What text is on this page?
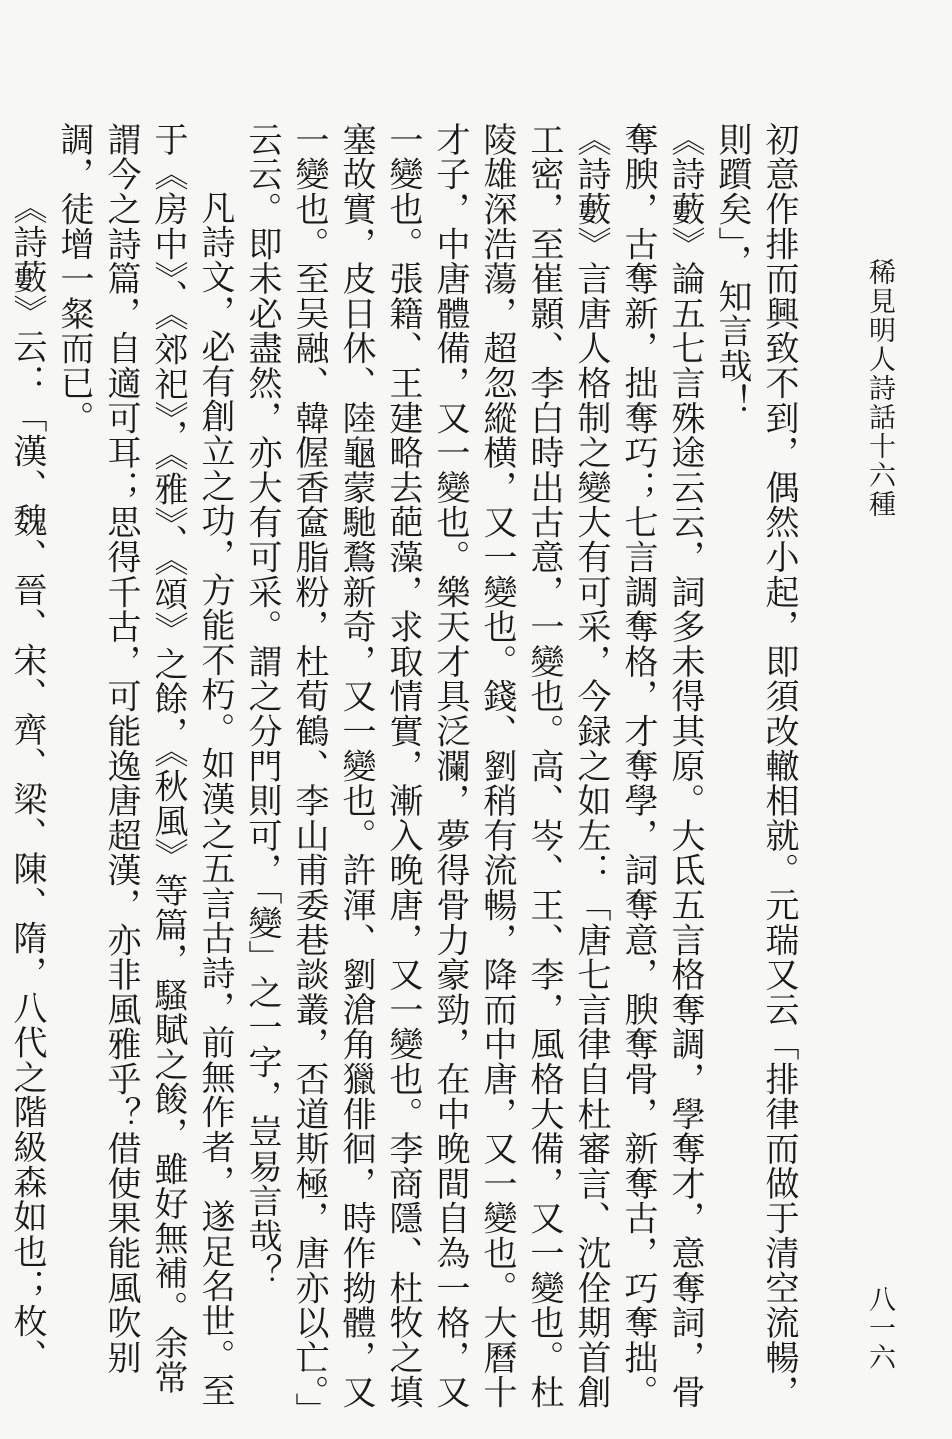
稀見明人詩話十六種
八一六

初意作排而興致不到，偶然小起，即須改轍相就。元瑞又云「排律而做于清空流暢，則躓矣」，知言哉！

《詩藪》論五七言殊途云云，詞多未得其原。大氐五言格奪調，學奪才，意奪詞，骨奪腴，古奪新，拙奪巧；七言調奪格，才奪學，詞奪意，腴奪骨，新奪古，巧奪拙。

《詩藪》言唐人格制之變大有可采，今録之如左：「唐七言律自杜審言、沈佺期首創工密，至崔顥、李白時出古意，一變也。高、岑、王、李，風格大備，又一變也。杜陵雄深浩蕩，超忽縱横，又一變也。錢、劉稍有流暢，降而中唐，又一變也。大曆十才子，中唐體備，又一變也。樂天才具泛瀾，夢得骨力豪勁，在中晚間自為一格，又一變也。張籍、王建略去葩藻，求取情實，漸入晚唐，又一變也。李商隱、杜牧之填塞故實，皮日休、陸龜蒙馳鶩新奇，又一變也。許渾、劉滄角獵俳徊，時作拗體，又一變也。至吴融、韓偓香奩脂粉，杜荀鶴、李山甫委巷談叢，否道斯極，唐亦以亡。」云云。即未必盡然，亦大有可采。謂之分門則可，「變」之一字，豈易言哉？

凡詩文，必有創立之功，方能不朽。如漢之五言古詩，前無作者，遂足名世。至于《房中》、《郊祀》，《雅》、《頌》之餘，《秋風》等篇，騷賦之餕，雖好無補。余常謂今之詩篇，自適可耳；思得千古，可能逸唐超漢，亦非風雅乎？借使果能風吹别調，徒增一粲而已。

《詩藪》云：「漢、魏、晉、宋、齊、梁、陳、隋，八代之階級森如也；枚、
